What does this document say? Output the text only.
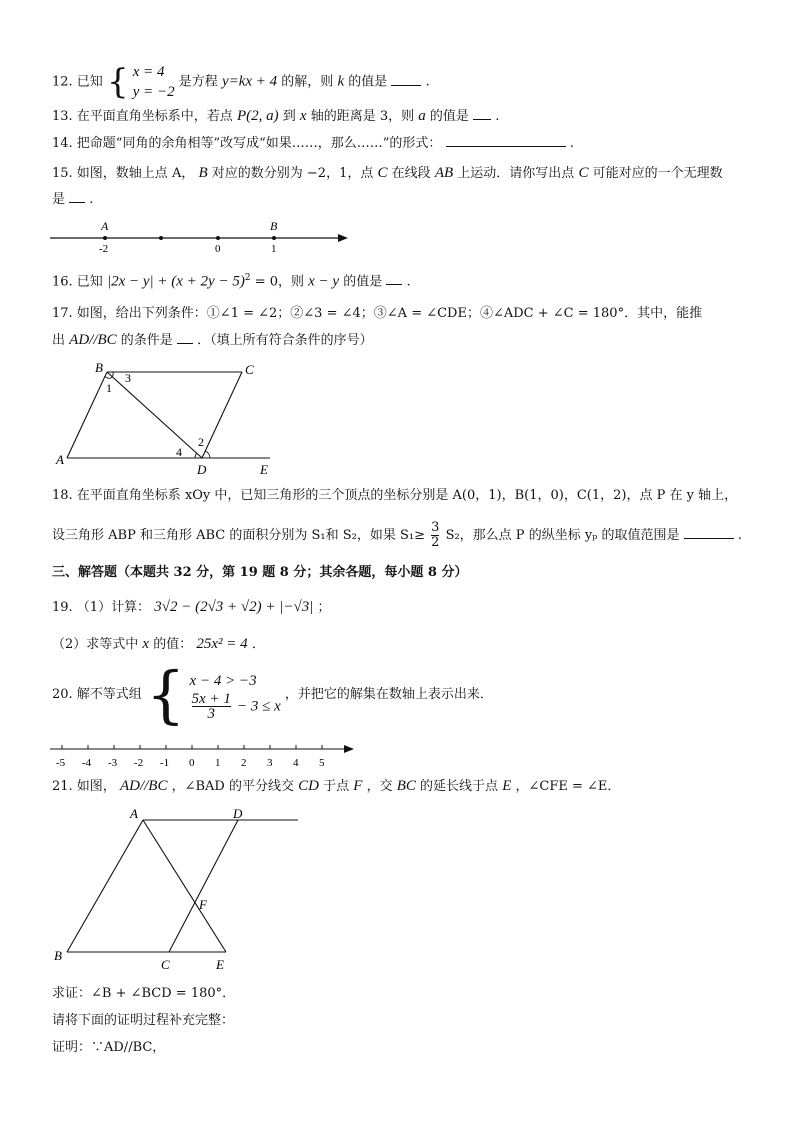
12. 已知 { x = 4
y = −2
是方程 y=kx + 4 的解，则 k 的值是	.
13. 在平面直角坐标系中，若点 P(2, a) 到 x 轴的距离是 3，则 a 的值是 .
14. 把命题“同角的余角相等”改写成“如果……，那么……”的形式：	.
15. 如图，数轴上点 A， B 对应的数分别为 −2，1，点 C 在线段 AB 上运动．请你写出点 C 可能对应的一个无理数
是 .
A	B
-2	0	1
16. 已知 $|2x - y| + (x + 2y - 5)^2 = 0$，则 x − y 的值是 .
17. 如图，给出下列条件：①∠1 = ∠2；②∠3 = ∠4；③∠A = ∠CDE；④∠ADC + ∠C = 180°．其中，能推
出 AD//BC 的条件是 ．（填上所有符合条件的序号）
A
B	C
D	E
1
2
3
4
18. 在平面直角坐标系 xOy 中，已知三角形的三个顶点的坐标分别是 A(0，1)，B(1，0)，C(1，2)，点 P 在 y 轴上，
设三角形 ABP 和三角形 ABC 的面积分别为 S₁和 S₂，如果 $S_1\ge \frac{3}{2} S_2$，那么点 P 的纵坐标 yₚ 的取值范围是	.
三、解答题（本题共 32 分，第 19 题 8 分；其余各题，每小题 8 分）
19. （1）计算： 3√2 − (2√3 + √2) + |−√3| ；
（2）求等式中 x 的值： 25x² = 4 ．
20. 解不等式组 { x − 4 > −3
$\frac{5x + 1}{3} - 3 \le x$
，并把它的解集在数轴上表示出来．
-5 -4 -3 -2 -1 0 1 2 3 4 5
21. 如图， AD//BC ，∠BAD 的平分线交 CD 于点 F ，交 BC 的延长线于点 E ，∠CFE = ∠E．
A	D
B
C	E
F
求证：∠B + ∠BCD = 180°．
请将下面的证明过程补充完整：
证明：∵AD//BC，
